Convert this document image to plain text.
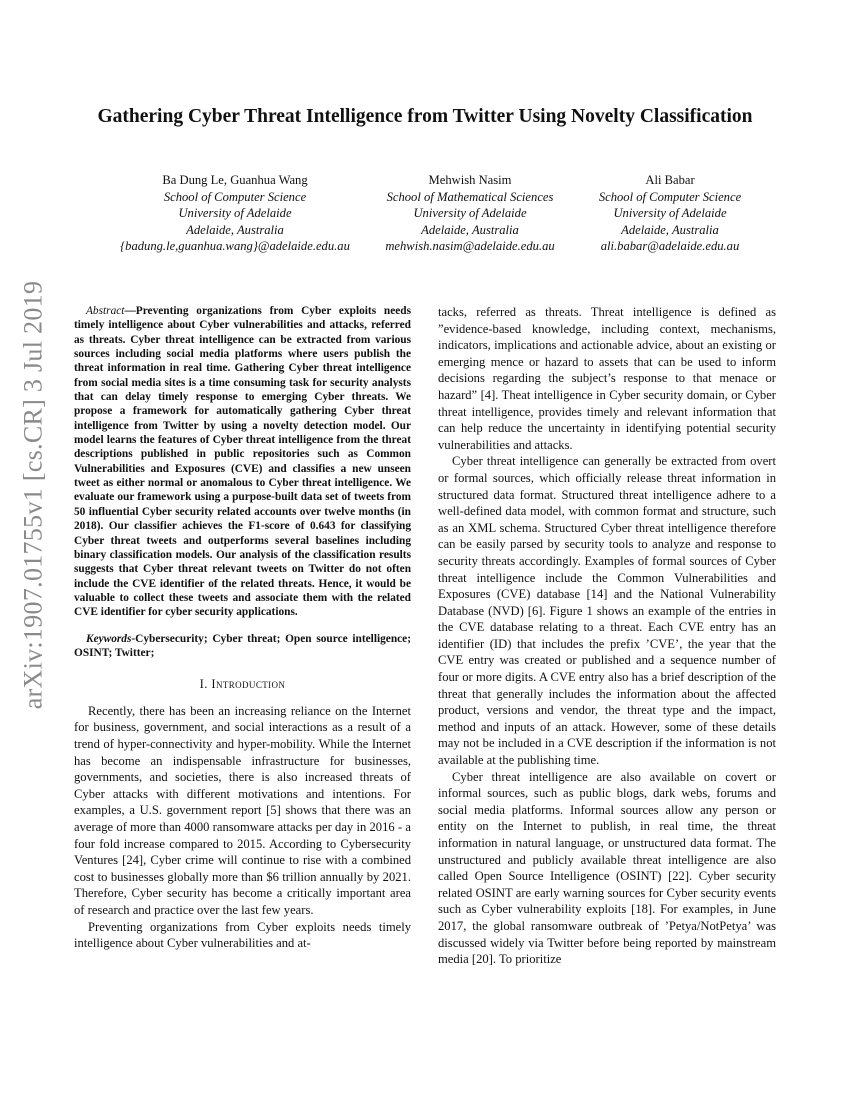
arXiv:1907.01755v1 [cs.CR] 3 Jul 2019
Gathering Cyber Threat Intelligence from Twitter Using Novelty Classification
Ba Dung Le, Guanhua Wang
School of Computer Science
University of Adelaide
Adelaide, Australia
{badung.le,guanhua.wang}@adelaide.edu.au
Mehwish Nasim
School of Mathematical Sciences
University of Adelaide
Adelaide, Australia
mehwish.nasim@adelaide.edu.au
Ali Babar
School of Computer Science
University of Adelaide
Adelaide, Australia
ali.babar@adelaide.edu.au

Abstract—Preventing organizations from Cyber exploits needs timely intelligence about Cyber vulnerabilities and attacks, referred as threats. Cyber threat intelligence can be extracted from various sources including social media platforms where users publish the threat information in real time. Gathering Cyber threat intelligence from social media sites is a time consuming task for security analysts that can delay timely response to emerging Cyber threats. We propose a framework for automatically gathering Cyber threat intelligence from Twitter by using a novelty detection model. Our model learns the features of Cyber threat intelligence from the threat descriptions published in public repositories such as Common Vulnerabilities and Exposures (CVE) and classifies a new unseen tweet as either normal or anomalous to Cyber threat intelligence. We evaluate our framework using a purpose-built data set of tweets from 50 influential Cyber security related accounts over twelve months (in 2018). Our classifier achieves the F1-score of 0.643 for classifying Cyber threat tweets and outperforms several baselines including binary classification models. Our analysis of the classification results suggests that Cyber threat relevant tweets on Twitter do not often include the CVE identifier of the related threats. Hence, it would be valuable to collect these tweets and associate them with the related CVE identifier for cyber security applications.

Keywords-Cybersecurity; Cyber threat; Open source intelligence; OSINT; Twitter;

I. Introduction

Recently, there has been an increasing reliance on the Internet for business, government, and social interactions as a result of a trend of hyper-connectivity and hyper-mobility. While the Internet has become an indispensable infrastructure for businesses, governments, and societies, there is also increased threats of Cyber attacks with different motivations and intentions. For examples, a U.S. government report [5] shows that there was an average of more than 4000 ransomware attacks per day in 2016 - a four fold increase compared to 2015. According to Cybersecurity Ventures [24], Cyber crime will continue to rise with a combined cost to businesses globally more than $6 trillion annually by 2021. Therefore, Cyber security has become a critically important area of research and practice over the last few years.

Preventing organizations from Cyber exploits needs timely intelligence about Cyber vulnerabilities and at-

tacks, referred as threats. Threat intelligence is defined as ”evidence-based knowledge, including context, mechanisms, indicators, implications and actionable advice, about an existing or emerging mence or hazard to assets that can be used to inform decisions regarding the subject’s response to that menace or hazard” [4]. Theat intelligence in Cyber security domain, or Cyber threat intelligence, provides timely and relevant information that can help reduce the uncertainty in identifying potential security vulnerabilities and attacks.

Cyber threat intelligence can generally be extracted from overt or formal sources, which officially release threat information in structured data format. Structured threat intelligence adhere to a well-defined data model, with common format and structure, such as an XML schema. Structured Cyber threat intelligence therefore can be easily parsed by security tools to analyze and response to security threats accordingly. Examples of formal sources of Cyber threat intelligence include the Common Vulnerabilities and Exposures (CVE) database [14] and the National Vulnerability Database (NVD) [6]. Figure 1 shows an example of the entries in the CVE database relating to a threat. Each CVE entry has an identifier (ID) that includes the prefix ’CVE’, the year that the CVE entry was created or published and a sequence number of four or more digits. A CVE entry also has a brief description of the threat that generally includes the information about the affected product, versions and vendor, the threat type and the impact, method and inputs of an attack. However, some of these details may not be included in a CVE description if the information is not available at the publishing time.

Cyber threat intelligence are also available on covert or informal sources, such as public blogs, dark webs, forums and social media platforms. Informal sources allow any person or entity on the Internet to publish, in real time, the threat information in natural language, or unstructured data format. The unstructured and publicly available threat intelligence are also called Open Source Intelligence (OSINT) [22]. Cyber security related OSINT are early warning sources for Cyber security events such as Cyber vulnerability exploits [18]. For examples, in June 2017, the global ransomware outbreak of ’Petya/NotPetya’ was discussed widely via Twitter before being reported by mainstream media [20]. To prioritize
